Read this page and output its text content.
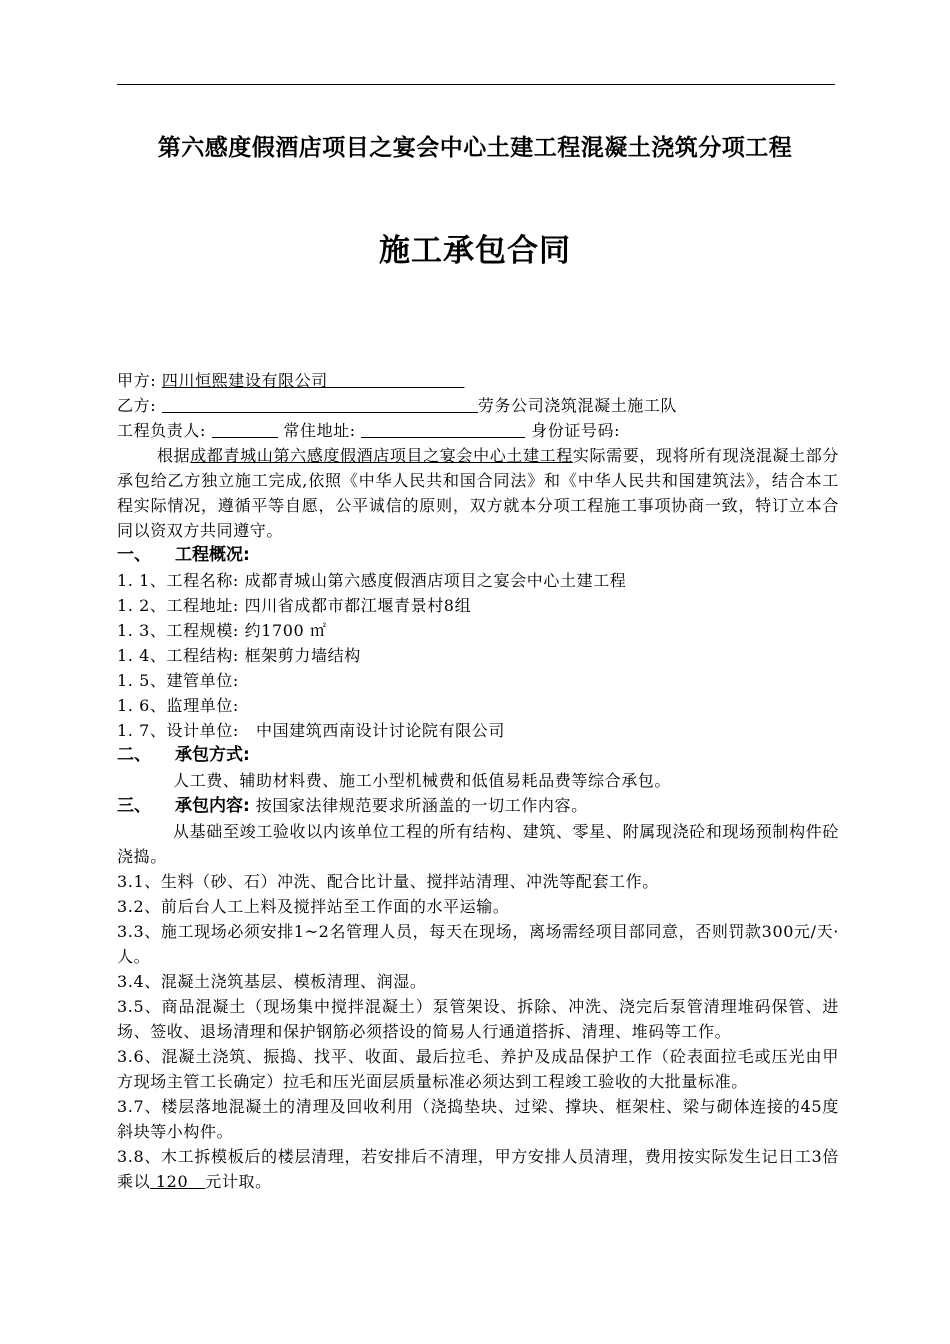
第六感度假酒店项目之宴会中心土建工程混凝土浇筑分项工程
施工承包合同
甲方: 四川恒熙建设有限公司
乙方:	劳务公司浇筑混凝土施工队
工程负责人:	常住地址:	身份证号码:
根据成都青城山第六感度假酒店项目之宴会中心土建工程实际需要，现将所有现浇混凝土部分承包给乙方独立施工完成,依照《中华人民共和国合同法》和《中华人民共和国建筑法》，结合本工程实际情况，遵循平等自愿，公平诚信的原则，双方就本分项工程施工事项协商一致，特订立本合同以资双方共同遵守。
一、 工程概况:
1. 1、工程名称: 成都青城山第六感度假酒店项目之宴会中心土建工程
1. 2、工程地址: 四川省成都市都江堰青景村8组
1. 3、工程规模: 约1700 ㎡
1. 4、工程结构: 框架剪力墙结构
1. 5、建管单位:
1. 6、监理单位:
1. 7、设计单位:   中国建筑西南设计讨论院有限公司
二、 承包方式:
人工费、辅助材料费、施工小型机械费和低值易耗品费等综合承包。
三、 承包内容: 按国家法律规范要求所涵盖的一切工作内容。
从基础至竣工验收以内该单位工程的所有结构、建筑、零星、附属现浇砼和现场预制构件砼浇捣。
3.1、生料（砂、石）冲洗、配合比计量、搅拌站清理、冲洗等配套工作。
3.2、前后台人工上料及搅拌站至工作面的水平运输。
3.3、施工现场必须安排1~2名管理人员，每天在现场，离场需经项目部同意，否则罚款300元/天·人。
3.4、混凝土浇筑基层、模板清理、润湿。
3.5、商品混凝土（现场集中搅拌混凝土）泵管架设、拆除、冲洗、浇完后泵管清理堆码保管、进场、签收、退场清理和保护钢筋必须搭设的简易人行通道搭拆、清理、堆码等工作。
3.6、混凝土浇筑、振捣、找平、收面、最后拉毛、养护及成品保护工作（砼表面拉毛或压光由甲方现场主管工长确定）拉毛和压光面层质量标准必须达到工程竣工验收的大批量标准。
3.7、楼层落地混凝土的清理及回收利用（浇捣垫块、过梁、撑块、框架柱、梁与砌体连接的45度斜块等小构件。
3.8、木工拆模板后的楼层清理，若安排后不清理，甲方安排人员清理，费用按实际发生记日工3倍乘以 120 元计取。
